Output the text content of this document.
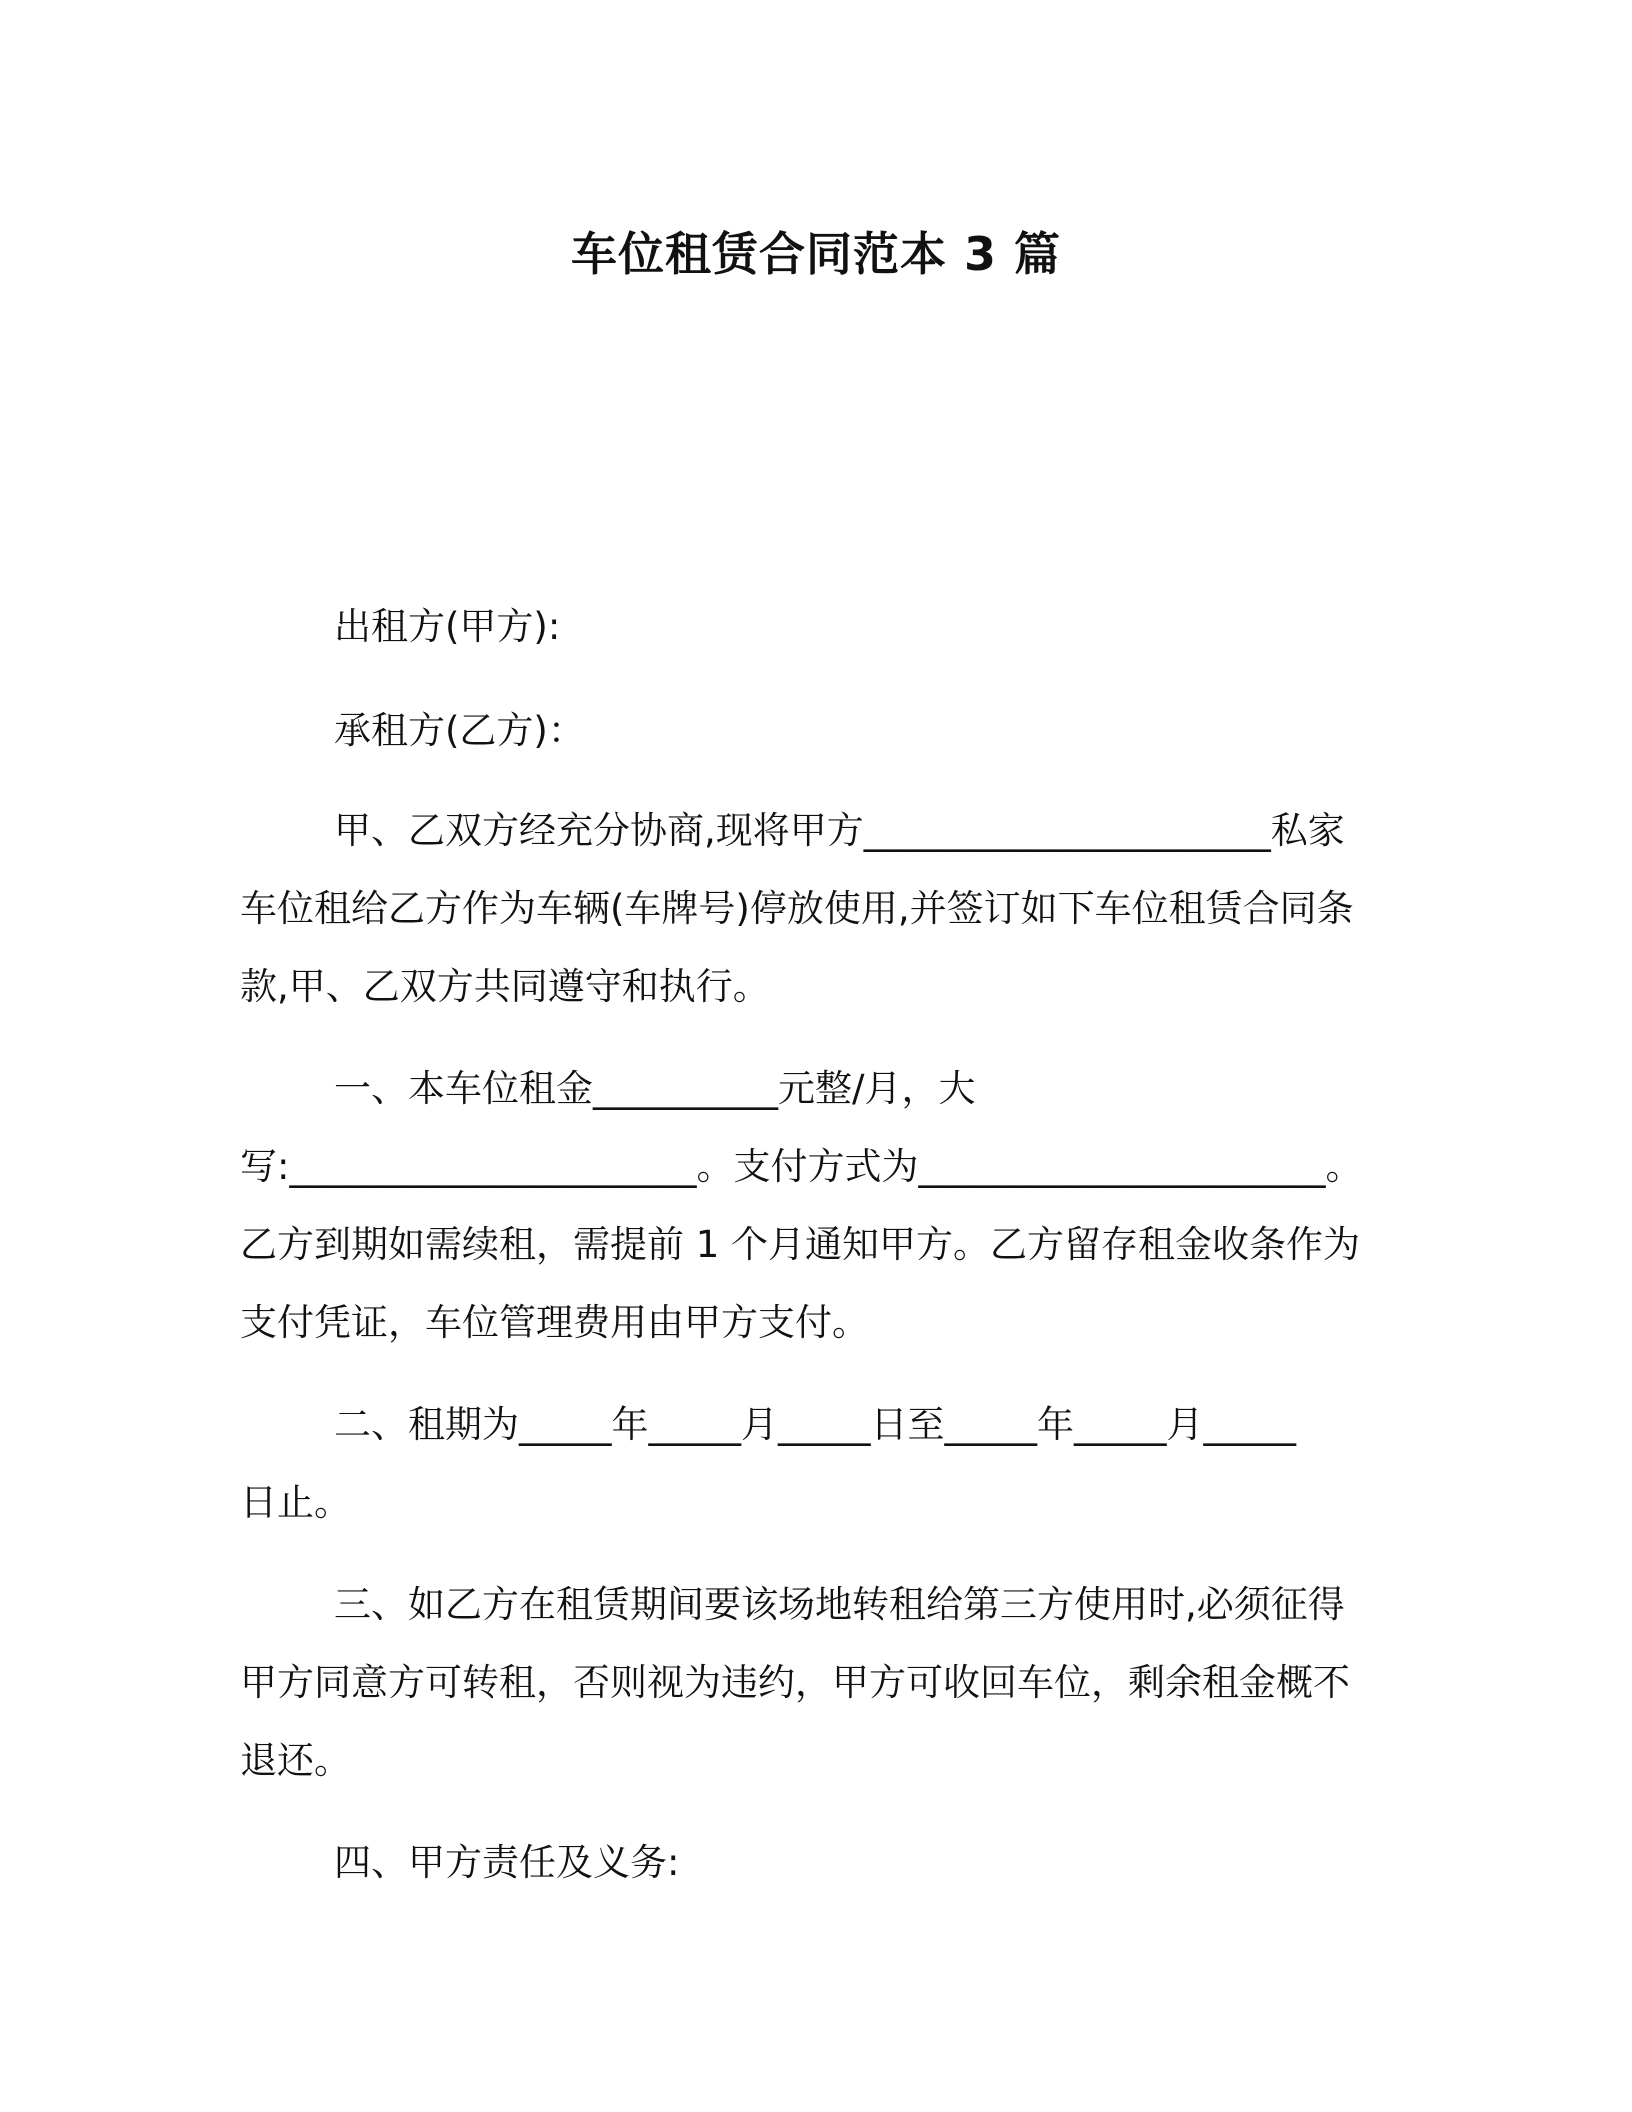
车位租赁合同范本 3 篇
出租方(甲方):
承租方(乙方)：
甲、乙双方经充分协商,现将甲方______________________私家
车位租给乙方作为车辆(车牌号)停放使用,并签订如下车位租赁合同条
款,甲、乙双方共同遵守和执行。
一、本车位租金__________元整/月，大
写:______________________。支付方式为______________________。
乙方到期如需续租，需提前 1 个月通知甲方。乙方留存租金收条作为
支付凭证，车位管理费用由甲方支付。
二、租期为_____年_____月_____日至_____年_____月_____
日止。
三、如乙方在租赁期间要该场地转租给第三方使用时,必须征得
甲方同意方可转租，否则视为违约，甲方可收回车位，剩余租金概不
退还。
四、甲方责任及义务:
